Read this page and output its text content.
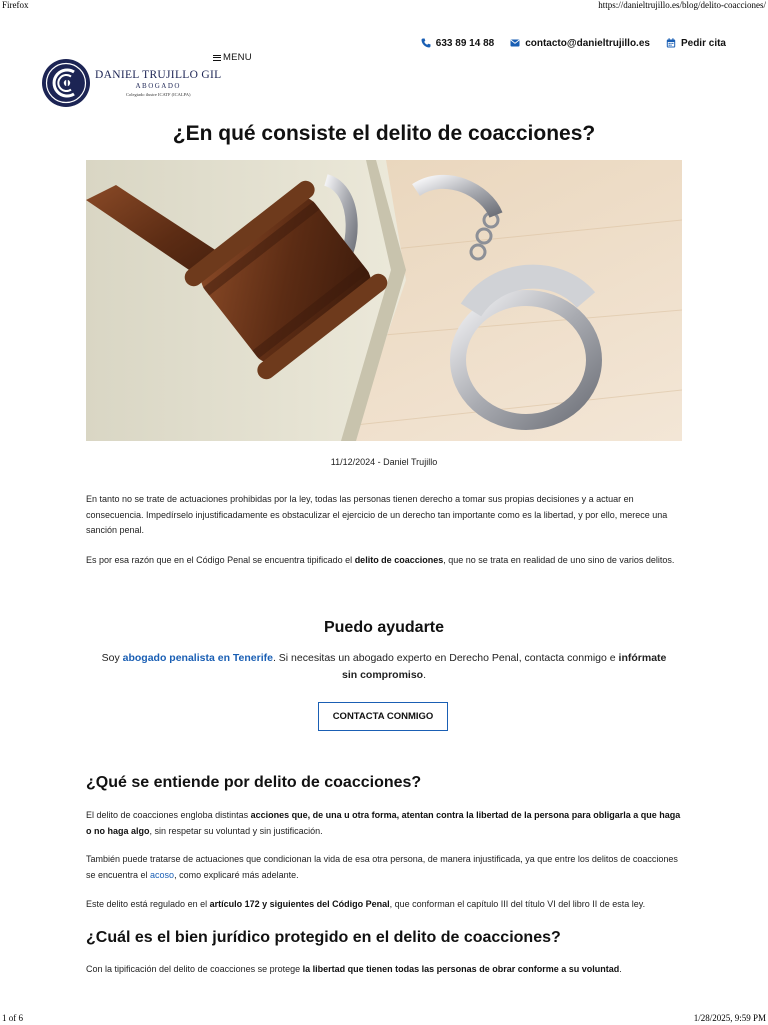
Firefox	https://danieltrujillo.es/blog/delito-coacciones/
633 89 14 88	contacto@danieltrujillo.es	Pedir cita
MENU
DANIEL TRUJILLO GIL
ABOGADO
Colegiado ilustre ICATF (ICALPA)
¿En qué consiste el delito de coacciones?
11/12/2024 - Daniel Trujillo

En tanto no se trate de actuaciones prohibidas por la ley, todas las personas tienen derecho a tomar sus propias decisiones y a actuar en consecuencia. Impedírselo injustificadamente es obstaculizar el ejercicio de un derecho tan importante como es la libertad, y por ello, merece una sanción penal.

Es por esa razón que en el Código Penal se encuentra tipificado el delito de coacciones, que no se trata en realidad de uno sino de varios delitos.

Puedo ayudarte

Soy abogado penalista en Tenerife. Si necesitas un abogado experto en Derecho Penal, contacta conmigo e infórmate sin compromiso.

CONTACTA CONMIGO
¿Qué se entiende por delito de coacciones?

El delito de coacciones engloba distintas acciones que, de una u otra forma, atentan contra la libertad de la persona para obligarla a que haga o no haga algo, sin respetar su voluntad y sin justificación.

También puede tratarse de actuaciones que condicionan la vida de esa otra persona, de manera injustificada, ya que entre los delitos de coacciones se encuentra el acoso, como explicaré más adelante.

Este delito está regulado en el artículo 172 y siguientes del Código Penal, que conforman el capítulo III del título VI del libro II de esta ley.

¿Cuál es el bien jurídico protegido en el delito de coacciones?

Con la tipificación del delito de coacciones se protege la libertad que tienen todas las personas de obrar conforme a su voluntad.

1 of 6	1/28/2025, 9:59 PM
